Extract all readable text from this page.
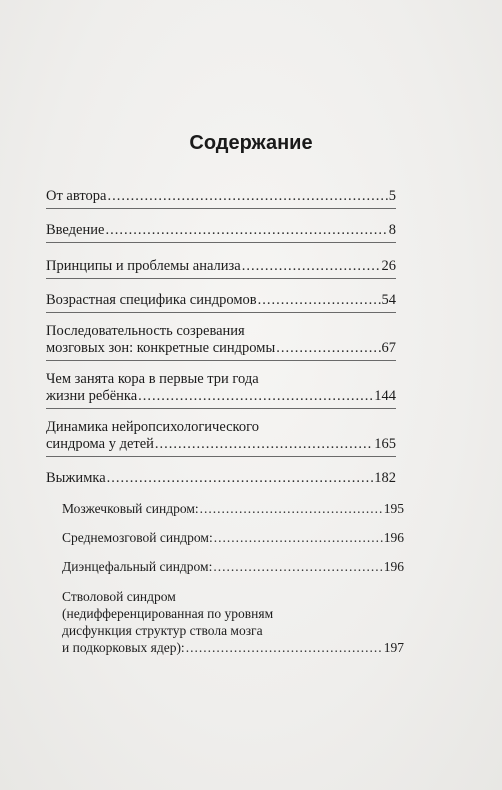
Содержание
От автора .....	5
Введение .....	8
Принципы и проблемы анализа .....	26
Возрастная специфика синдромов .....	54
Последовательность созревания
мозговых зон: конкретные синдромы .....	67
Чем занята кора в первые три года
жизни ребёнка .....	144
Динамика нейропсихологического
синдрома у детей .....	165
Выжимка .....	182
Мозжечковый синдром: .....	195
Среднемозговой синдром: .....	196
Диэнцефальный синдром: .....	196
Стволовой синдром
(недифференцированная по уровням
дисфункция структур ствола мозга
и подкорковых ядер): .....	197
